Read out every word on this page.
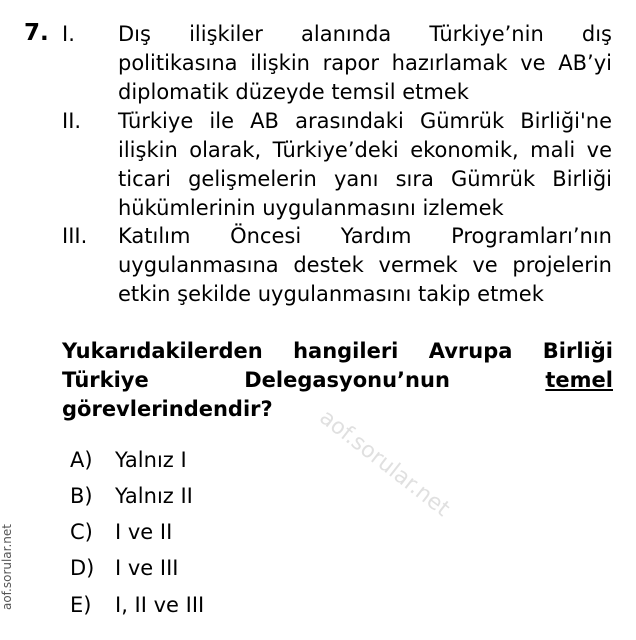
7. I. Dış ilişkiler alanında Türkiye’nin dış
politikasına ilişkin rapor hazırlamak ve AB’yi
diplomatik düzeyde temsil etmek
II. Türkiye ile AB arasındaki Gümrük Birliği'ne
ilişkin olarak, Türkiye’deki ekonomik, mali ve
ticari gelişmelerin yanı sıra Gümrük Birliği
hükümlerinin uygulanmasını izlemek
III. Katılım Öncesi Yardım Programları’nın
uygulanmasına destek vermek ve projelerin
etkin şekilde uygulanmasını takip etmek
Yukarıdakilerden hangileri Avrupa Birliği
Türkiye Delegasyonu’nun temel
görevlerindendir?
A) Yalnız I
B) Yalnız II
C) I ve II
D) I ve III
E) I, II ve III
aof.sorular.net
aof.sorular.net
